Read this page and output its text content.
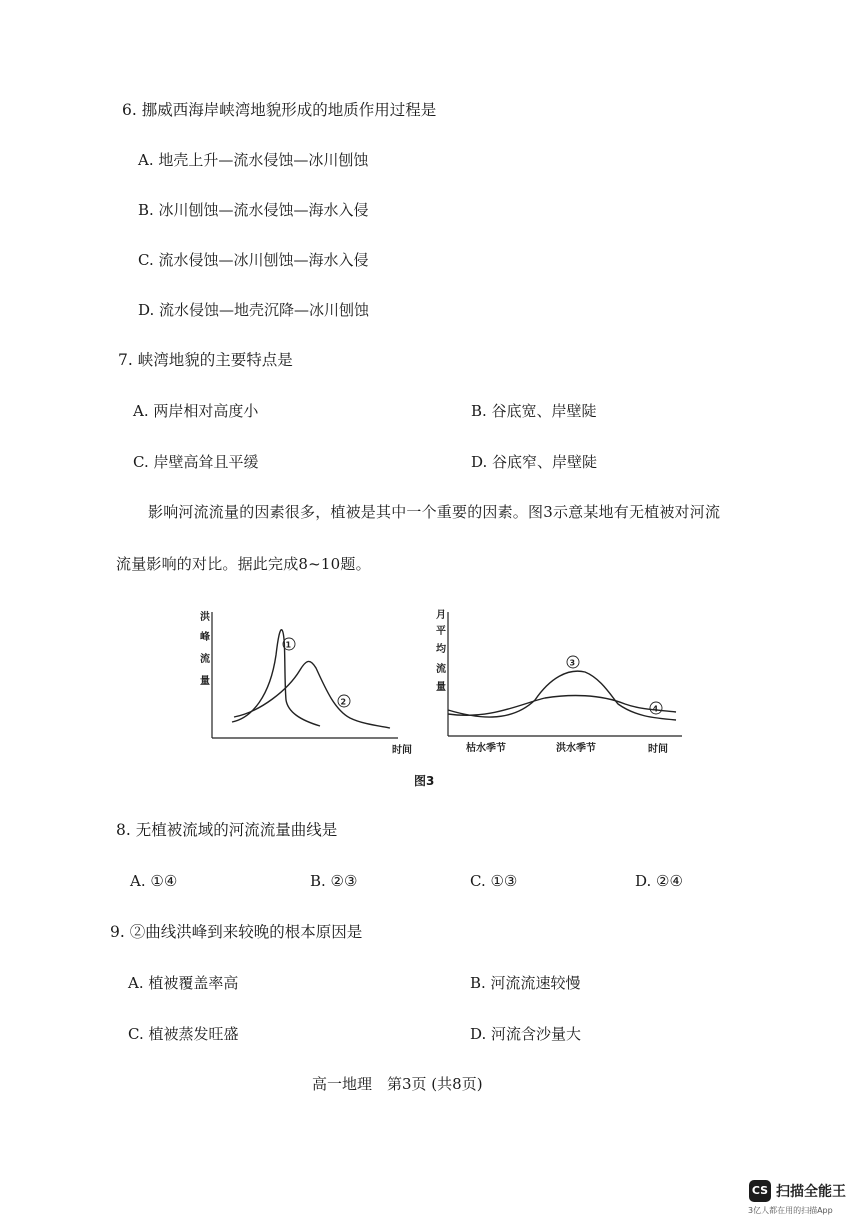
6. 挪威西海岸峡湾地貌形成的地质作用过程是
A. 地壳上升—流水侵蚀—冰川刨蚀
B. 冰川刨蚀—流水侵蚀—海水入侵
C. 流水侵蚀—冰川刨蚀—海水入侵
D. 流水侵蚀—地壳沉降—冰川刨蚀
7. 峡湾地貌的主要特点是
A. 两岸相对高度小	B. 谷底宽、岸壁陡
C. 岸壁高耸且平缓	D. 谷底窄、岸壁陡
影响河流流量的因素很多，植被是其中一个重要的因素。图3示意某地有无植被对河流
流量影响的对比。据此完成8~10题。
洪
峰
流
量
1
2
时间
月
平
均
流
量
3
4
枯水季节	洪水季节	时间
图3
8. 无植被流域的河流流量曲线是
A. ①④	B. ②③	C. ①③	D. ②④
9. ②曲线洪峰到来较晚的根本原因是
A. 植被覆盖率高	B. 河流流速较慢
C. 植被蒸发旺盛	D. 河流含沙量大
高一地理　第3页 (共8页)
CS 扫描全能王
3亿人都在用的扫描App
